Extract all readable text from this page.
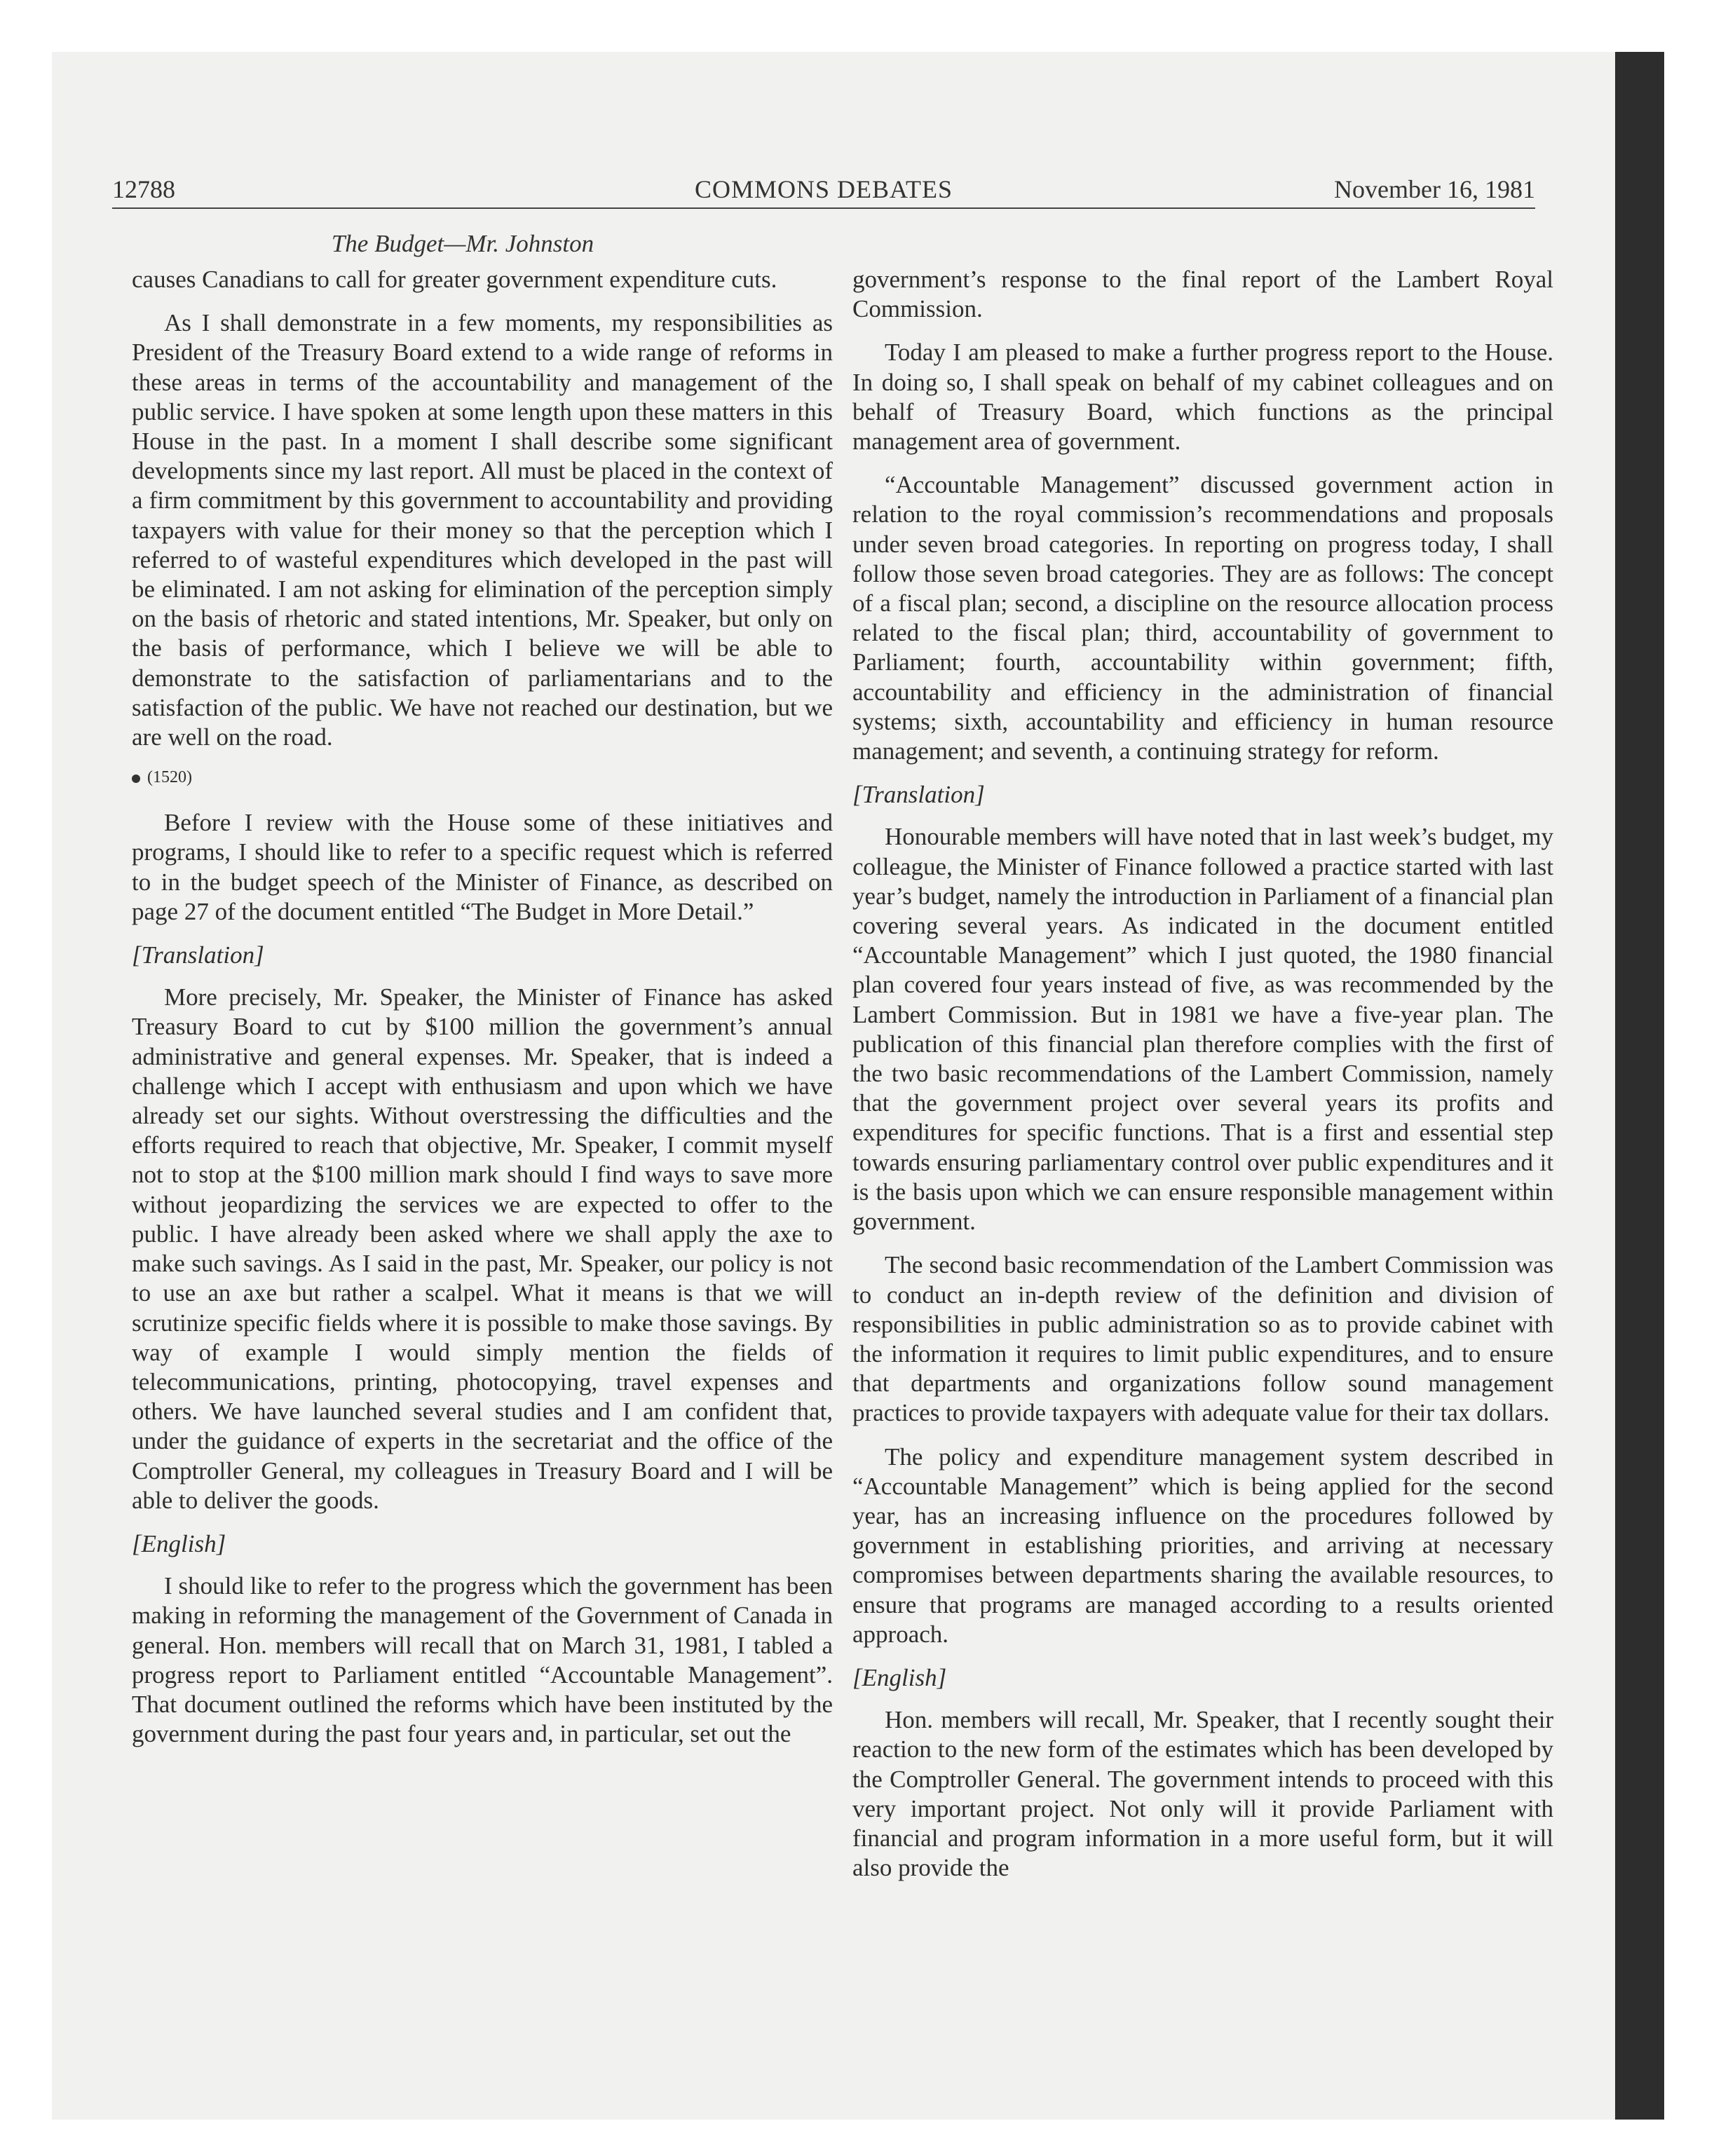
12788	COMMONS DEBATES	November 16, 1981
The Budget—Mr. Johnston

causes Canadians to call for greater government expenditure cuts.

As I shall demonstrate in a few moments, my responsibilities as President of the Treasury Board extend to a wide range of reforms in these areas in terms of the accountability and management of the public service. I have spoken at some length upon these matters in this House in the past. In a moment I shall describe some significant developments since my last report. All must be placed in the context of a firm commitment by this government to accountability and providing taxpayers with value for their money so that the perception which I referred to of wasteful expenditures which developed in the past will be eliminated. I am not asking for elimination of the perception simply on the basis of rhetoric and stated intentions, Mr. Speaker, but only on the basis of performance, which I believe we will be able to demonstrate to the satisfaction of parliamentarians and to the satisfaction of the public. We have not reached our destination, but we are well on the road.

(1520)

Before I review with the House some of these initiatives and programs, I should like to refer to a specific request which is referred to in the budget speech of the Minister of Finance, as described on page 27 of the document entitled “The Budget in More Detail.”

[Translation]

More precisely, Mr. Speaker, the Minister of Finance has asked Treasury Board to cut by $100 million the government’s annual administrative and general expenses. Mr. Speaker, that is indeed a challenge which I accept with enthusiasm and upon which we have already set our sights. Without overstressing the difficulties and the efforts required to reach that objective, Mr. Speaker, I commit myself not to stop at the $100 million mark should I find ways to save more without jeopardizing the services we are expected to offer to the public. I have already been asked where we shall apply the axe to make such savings. As I said in the past, Mr. Speaker, our policy is not to use an axe but rather a scalpel. What it means is that we will scrutinize specific fields where it is possible to make those savings. By way of example I would simply mention the fields of telecommunications, printing, photocopying, travel expenses and others. We have launched several studies and I am confident that, under the guidance of experts in the secretariat and the office of the Comptroller General, my colleagues in Treasury Board and I will be able to deliver the goods.

[English]

I should like to refer to the progress which the government has been making in reforming the management of the Government of Canada in general. Hon. members will recall that on March 31, 1981, I tabled a progress report to Parliament entitled “Accountable Management”. That document outlined the reforms which have been instituted by the government during the past four years and, in particular, set out the

government’s response to the final report of the Lambert Royal Commission.

Today I am pleased to make a further progress report to the House. In doing so, I shall speak on behalf of my cabinet colleagues and on behalf of Treasury Board, which functions as the principal management area of government.

“Accountable Management” discussed government action in relation to the royal commission’s recommendations and proposals under seven broad categories. In reporting on progress today, I shall follow those seven broad categories. They are as follows: The concept of a fiscal plan; second, a discipline on the resource allocation process related to the fiscal plan; third, accountability of government to Parliament; fourth, accountability within government; fifth, accountability and efficiency in the administration of financial systems; sixth, accountability and efficiency in human resource management; and seventh, a continuing strategy for reform.

[Translation]

Honourable members will have noted that in last week’s budget, my colleague, the Minister of Finance followed a practice started with last year’s budget, namely the introduction in Parliament of a financial plan covering several years. As indicated in the document entitled “Accountable Management” which I just quoted, the 1980 financial plan covered four years instead of five, as was recommended by the Lambert Commission. But in 1981 we have a five-year plan. The publication of this financial plan therefore complies with the first of the two basic recommendations of the Lambert Commission, namely that the government project over several years its profits and expenditures for specific functions. That is a first and essential step towards ensuring parliamentary control over public expenditures and it is the basis upon which we can ensure responsible management within government.

The second basic recommendation of the Lambert Commission was to conduct an in-depth review of the definition and division of responsibilities in public administration so as to provide cabinet with the information it requires to limit public expenditures, and to ensure that departments and organizations follow sound management practices to provide taxpayers with adequate value for their tax dollars.

The policy and expenditure management system described in “Accountable Management” which is being applied for the second year, has an increasing influence on the procedures followed by government in establishing priorities, and arriving at necessary compromises between departments sharing the available resources, to ensure that programs are managed according to a results oriented approach.

[English]

Hon. members will recall, Mr. Speaker, that I recently sought their reaction to the new form of the estimates which has been developed by the Comptroller General. The government intends to proceed with this very important project. Not only will it provide Parliament with financial and program information in a more useful form, but it will also provide the
